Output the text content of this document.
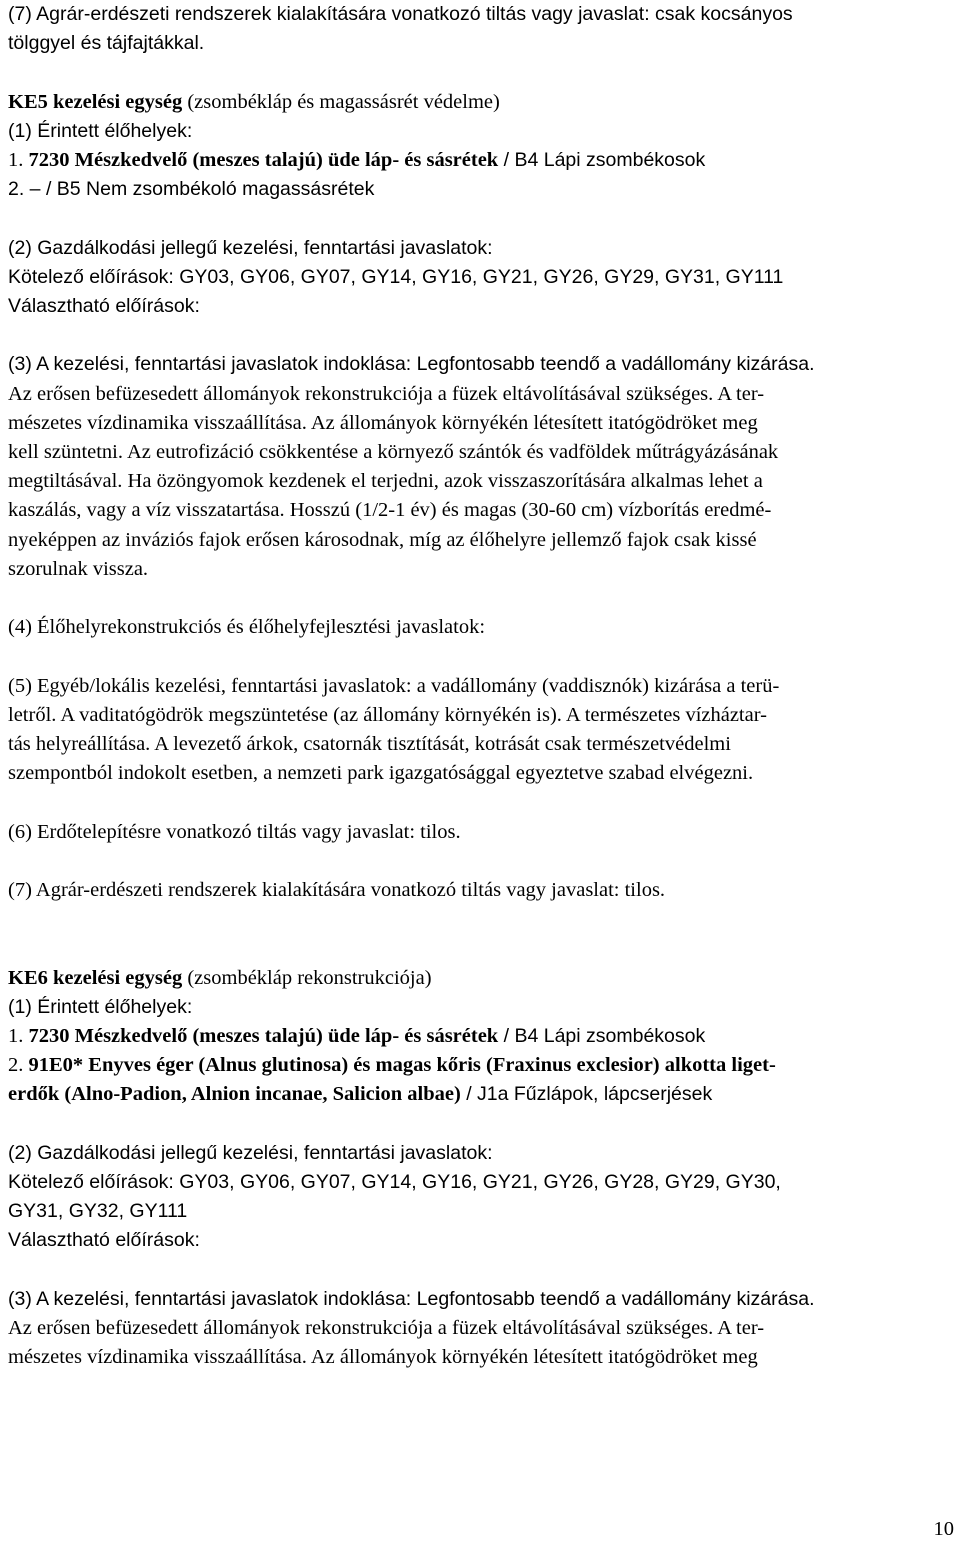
(7) Agrár-erdészeti rendszerek kialakítására vonatkozó tiltás vagy javaslat: csak kocsányos

tölggyel és tájfajtákkal.

KE5 kezelési egység (zsombékláp és magassásrét védelme)

(1) Érintett élőhelyek:

1. 7230 Mészkedvelő (meszes talajú) üde láp- és sásrétek / B4 Lápi zsombékosok

2. – / B5 Nem zsombékoló magassásrétek

(2) Gazdálkodási jellegű kezelési, fenntartási javaslatok:

Kötelező előírások: GY03, GY06, GY07, GY14, GY16, GY21, GY26, GY29, GY31, GY111

Választható előírások:

(3) A kezelési, fenntartási javaslatok indoklása: Legfontosabb teendő a vadállomány kizárása.

Az erősen befüzesedett állományok rekonstrukciója a füzek eltávolításával szükséges. A ter-

mészetes vízdinamika visszaállítása. Az állományok környékén létesített itatógödröket meg

kell szüntetni. Az eutrofizáció csökkentése a környező szántók és vadföldek műtrágyázásának

megtiltásával. Ha özöngyomok kezdenek el terjedni, azok visszaszorítására alkalmas lehet a

kaszálás, vagy a víz visszatartása. Hosszú (1/2-1 év) és magas (30-60 cm) vízborítás eredmé-

nyeképpen az inváziós fajok erősen károsodnak, míg az élőhelyre jellemző fajok csak kissé

szorulnak vissza.

(4) Élőhelyrekonstrukciós és élőhelyfejlesztési javaslatok:

(5) Egyéb/lokális kezelési, fenntartási javaslatok: a vadállomány (vaddisznók) kizárása a terü-

letről. A vaditatógödrök megszüntetése (az állomány környékén is). A természetes vízháztar-

tás helyreállítása. A levezető árkok, csatornák tisztítását, kotrását csak természetvédelmi

szempontból indokolt esetben, a nemzeti park igazgatósággal egyeztetve szabad elvégezni.

(6) Erdőtelepítésre vonatkozó tiltás vagy javaslat: tilos.

(7) Agrár-erdészeti rendszerek kialakítására vonatkozó tiltás vagy javaslat: tilos.

KE6 kezelési egység (zsombékláp rekonstrukciója)

(1) Érintett élőhelyek:

1. 7230 Mészkedvelő (meszes talajú) üde láp- és sásrétek / B4 Lápi zsombékosok

2. 91E0* Enyves éger (Alnus glutinosa) és magas kőris (Fraxinus exclesior) alkotta liget-

erdők (Alno-Padion, Alnion incanae, Salicion albae) / J1a Fűzlápok, lápcserjések

(2) Gazdálkodási jellegű kezelési, fenntartási javaslatok:

Kötelező előírások: GY03, GY06, GY07, GY14, GY16, GY21, GY26, GY28, GY29, GY30,

GY31, GY32, GY111

Választható előírások:

(3) A kezelési, fenntartási javaslatok indoklása: Legfontosabb teendő a vadállomány kizárása.

Az erősen befüzesedett állományok rekonstrukciója a füzek eltávolításával szükséges. A ter-

mészetes vízdinamika visszaállítása. Az állományok környékén létesített itatógödröket meg

10
